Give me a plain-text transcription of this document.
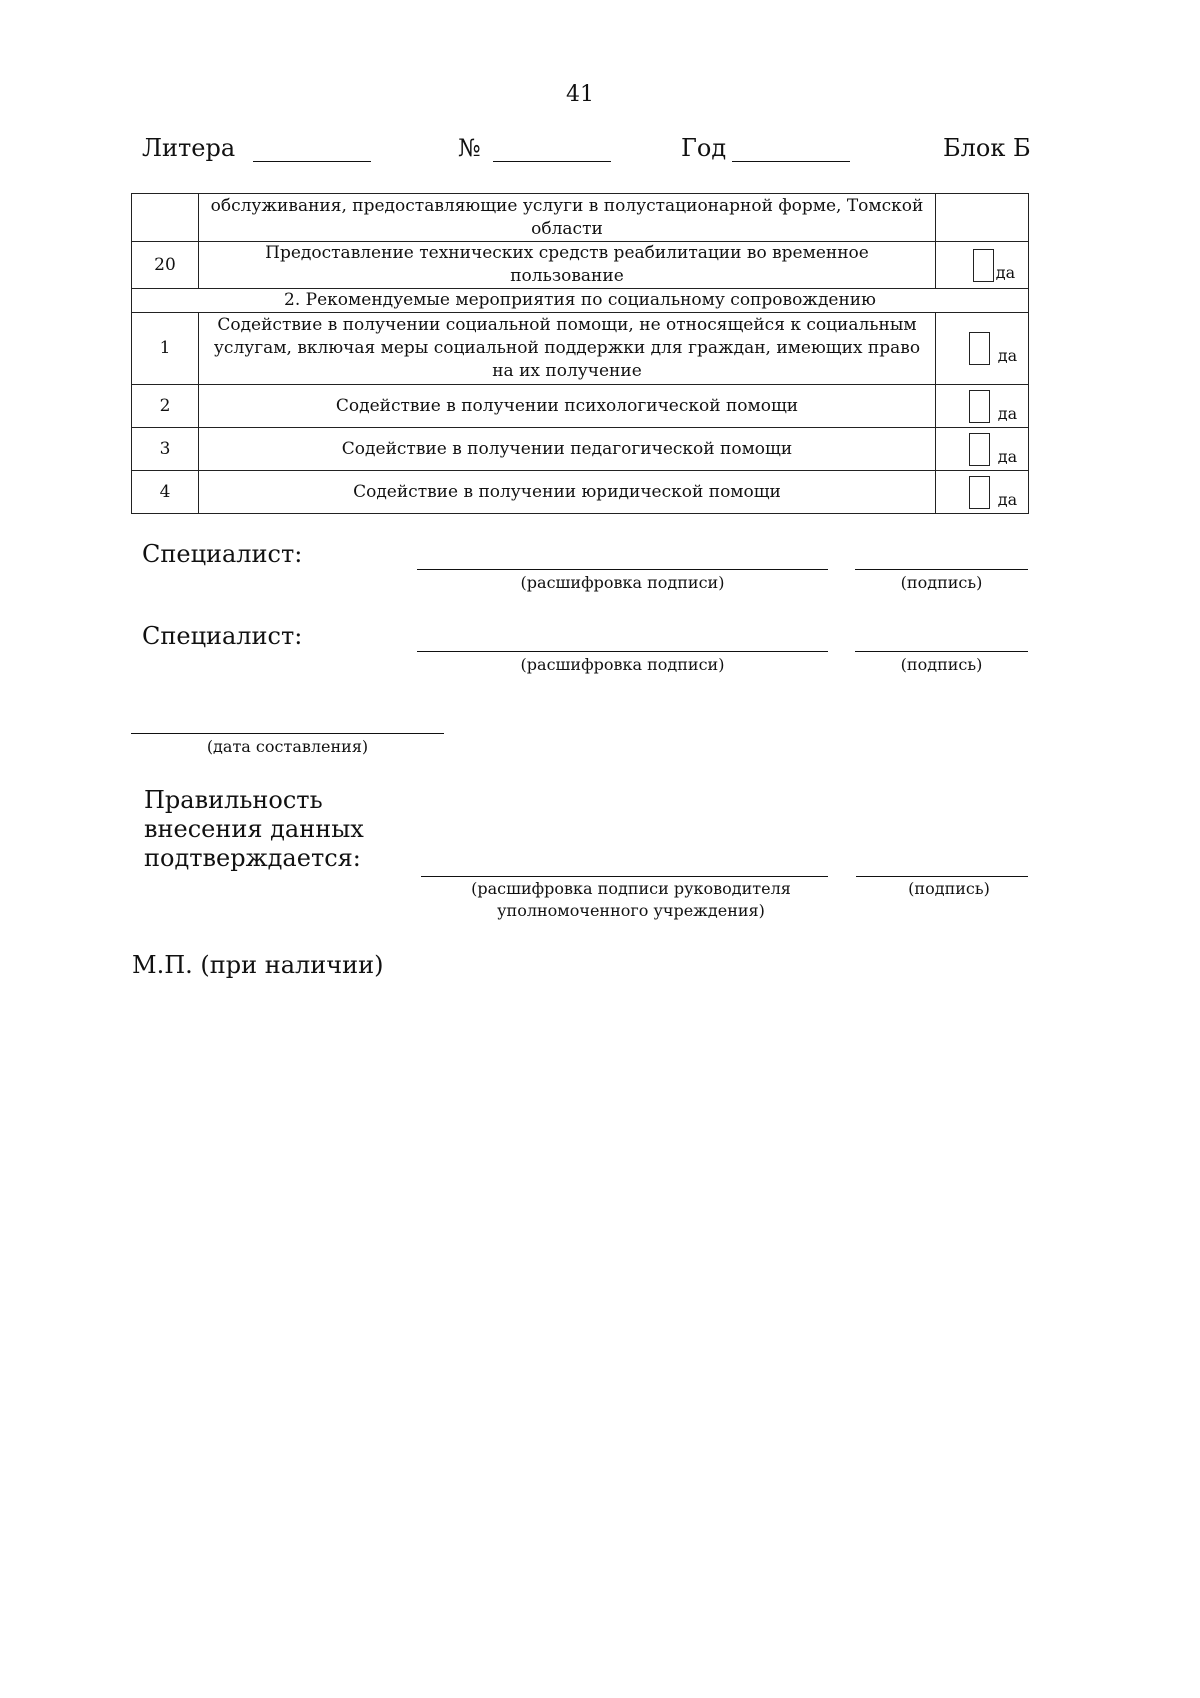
41
Литера	№	Год	Блок Б
	обслуживания, предоставляющие услуги в полустационарной форме, Томской области	
20	Предоставление технических средств реабилитации во временное пользование	да
2. Рекомендуемые мероприятия по социальному сопровождению		
1	Содействие в получении социальной помощи, не относящейся к социальным услугам, включая меры социальной поддержки для граждан, имеющих право на их получение	да
2	Содействие в получении психологической помощи	да
3	Содействие в получении педагогической помощи	да
4	Содействие в получении юридической помощи	да
Специалист:
(расшифровка подписи)	(подпись)
Специалист:
(расшифровка подписи)	(подпись)
(дата составления)
Правильность
внесения данных
подтверждается:
(расшифровка подписи руководителя
уполномоченного учреждения)
(подпись)
М.П. (при наличии)
